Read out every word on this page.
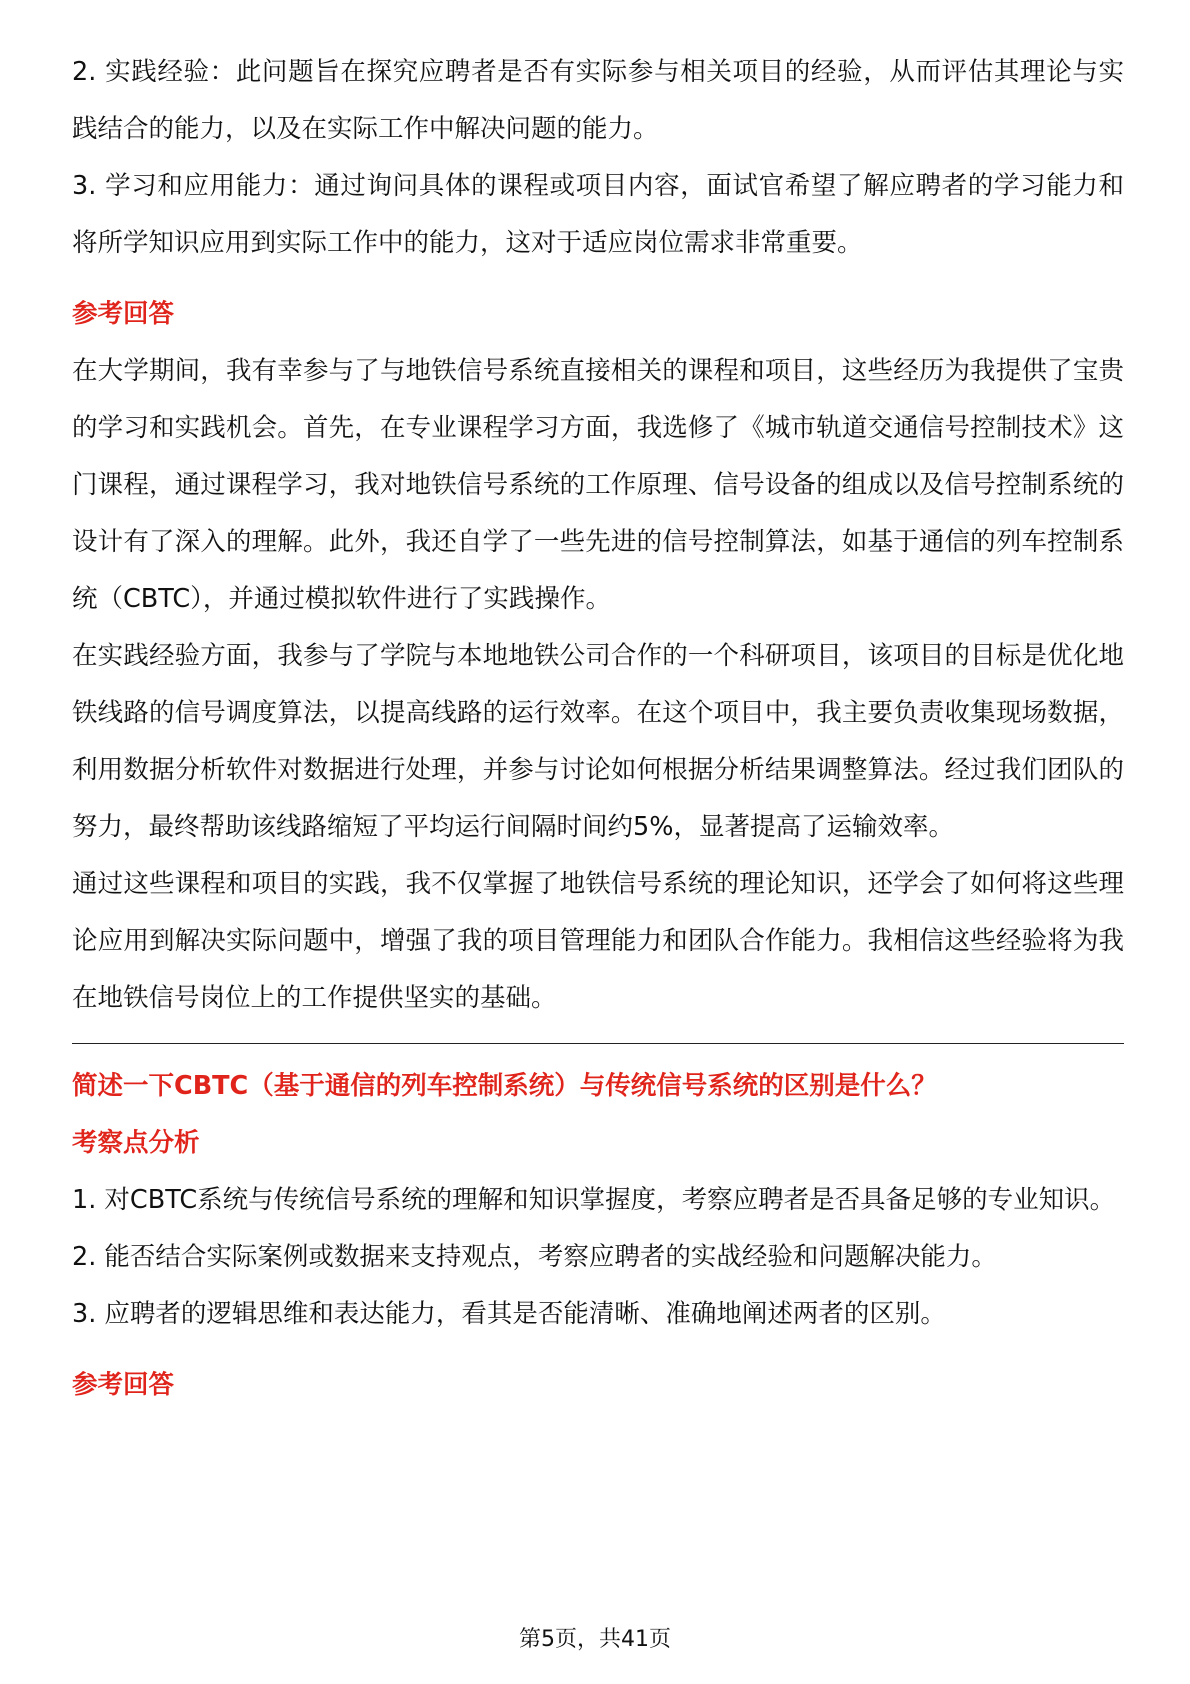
2. 实践经验：此问题旨在探究应聘者是否有实际参与相关项目的经验，从而评估其理论与实践结合的能力，以及在实际工作中解决问题的能力。

3. 学习和应用能力：通过询问具体的课程或项目内容，面试官希望了解应聘者的学习能力和将所学知识应用到实际工作中的能力，这对于适应岗位需求非常重要。

参考回答

在大学期间，我有幸参与了与地铁信号系统直接相关的课程和项目，这些经历为我提供了宝贵的学习和实践机会。首先，在专业课程学习方面，我选修了《城市轨道交通信号控制技术》这门课程，通过课程学习，我对地铁信号系统的工作原理、信号设备的组成以及信号控制系统的设计有了深入的理解。此外，我还自学了一些先进的信号控制算法，如基于通信的列车控制系统（CBTC），并通过模拟软件进行了实践操作。

在实践经验方面，我参与了学院与本地地铁公司合作的一个科研项目，该项目的目标是优化地铁线路的信号调度算法，以提高线路的运行效率。在这个项目中，我主要负责收集现场数据，利用数据分析软件对数据进行处理，并参与讨论如何根据分析结果调整算法。经过我们团队的努力，最终帮助该线路缩短了平均运行间隔时间约5%，显著提高了运输效率。

通过这些课程和项目的实践，我不仅掌握了地铁信号系统的理论知识，还学会了如何将这些理论应用到解决实际问题中，增强了我的项目管理能力和团队合作能力。我相信这些经验将为我在地铁信号岗位上的工作提供坚实的基础。

简述一下CBTC（基于通信的列车控制系统）与传统信号系统的区别是什么？

考察点分析

1. 对CBTC系统与传统信号系统的理解和知识掌握度，考察应聘者是否具备足够的专业知识。

2. 能否结合实际案例或数据来支持观点，考察应聘者的实战经验和问题解决能力。

3. 应聘者的逻辑思维和表达能力，看其是否能清晰、准确地阐述两者的区别。

参考回答

第5页，共41页
